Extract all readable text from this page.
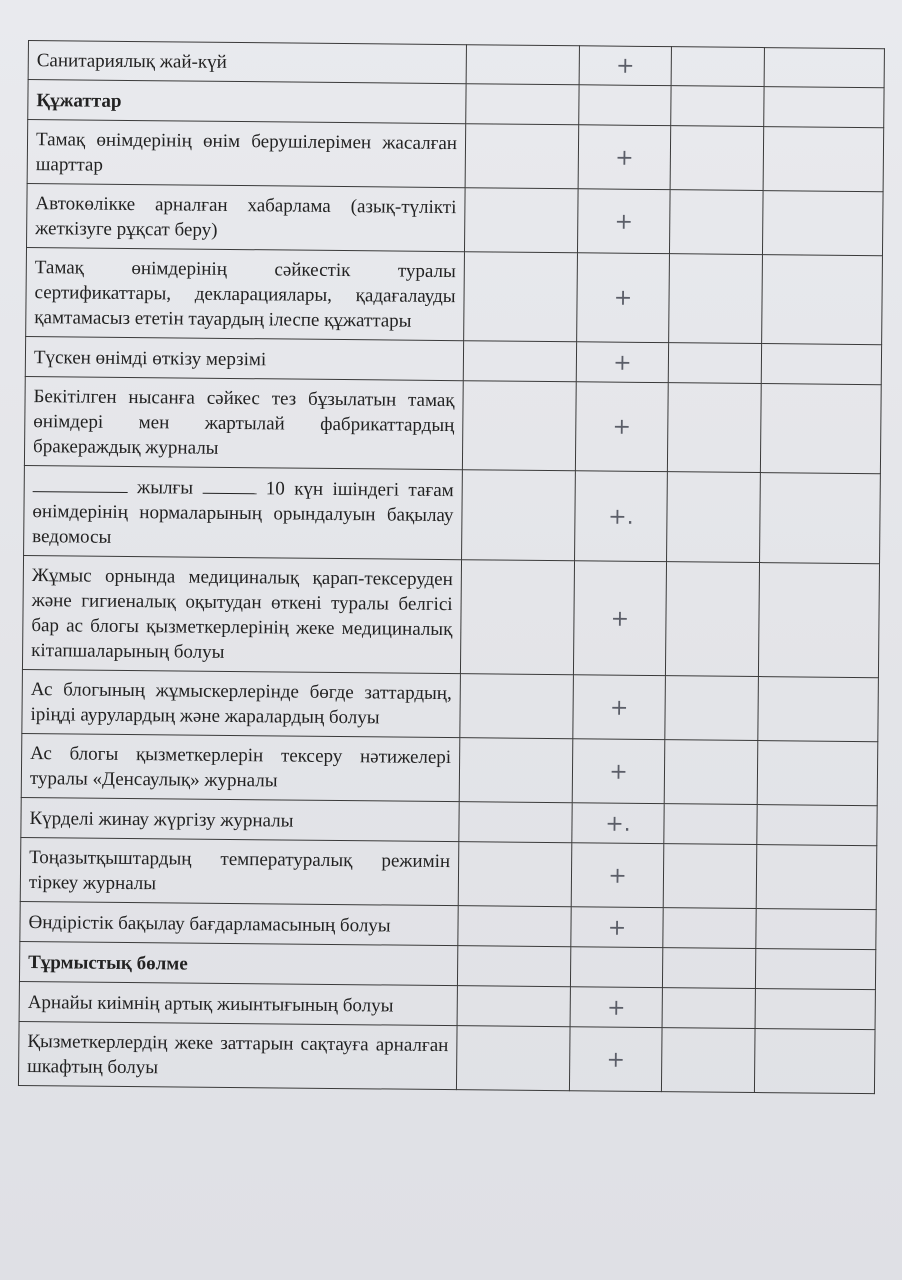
Санитариялық жай-күй		+		
Құжаттар				
Тамақ өнімдерінің өнім берушілерімен жасалған шарттар		+		
Автокөлікке арналған хабарлама (азық-түлікті жеткізуге рұқсат беру)		+		
Тамақ өнімдерінің сәйкестік туралы сертификаттары, декларациялары, қадағалауды қамтамасыз ететін тауардың ілеспе құжаттары		+		
Түскен өнімді өткізу мерзімі		+		
Бекітілген нысанға сәйкес тез бұзылатын тамақ өнімдері мен жартылай фабрикаттардың бракераждық журналы		+		
жылғы 10 күн ішіндегі тағам өнімдерінің нормаларының орындалуын бақылау ведомосы		+.		
Жұмыс орнында медициналық қарап-тексеруден және гигиеналық оқытудан өткені туралы белгісі бар ас блогы қызметкерлерінің жеке медициналық кітапшаларының болуы		+		
Ас блогының жұмыскерлерінде бөгде заттардың, іріңді аурулардың және жаралардың болуы		+		
Ас блогы қызметкерлерін тексеру нәтижелері туралы «Денсаулық» журналы		+		
Күрделі жинау жүргізу журналы		+.		
Тоңазытқыштардың температуралық режимін тіркеу журналы		+		
Өндірістік бақылау бағдарламасының болуы		+		
Тұрмыстық бөлме				
Арнайы киімнің артық жиынтығының болуы		+		
Қызметкерлердің жеке заттарын сақтауға арналған шкафтың болуы		+		
